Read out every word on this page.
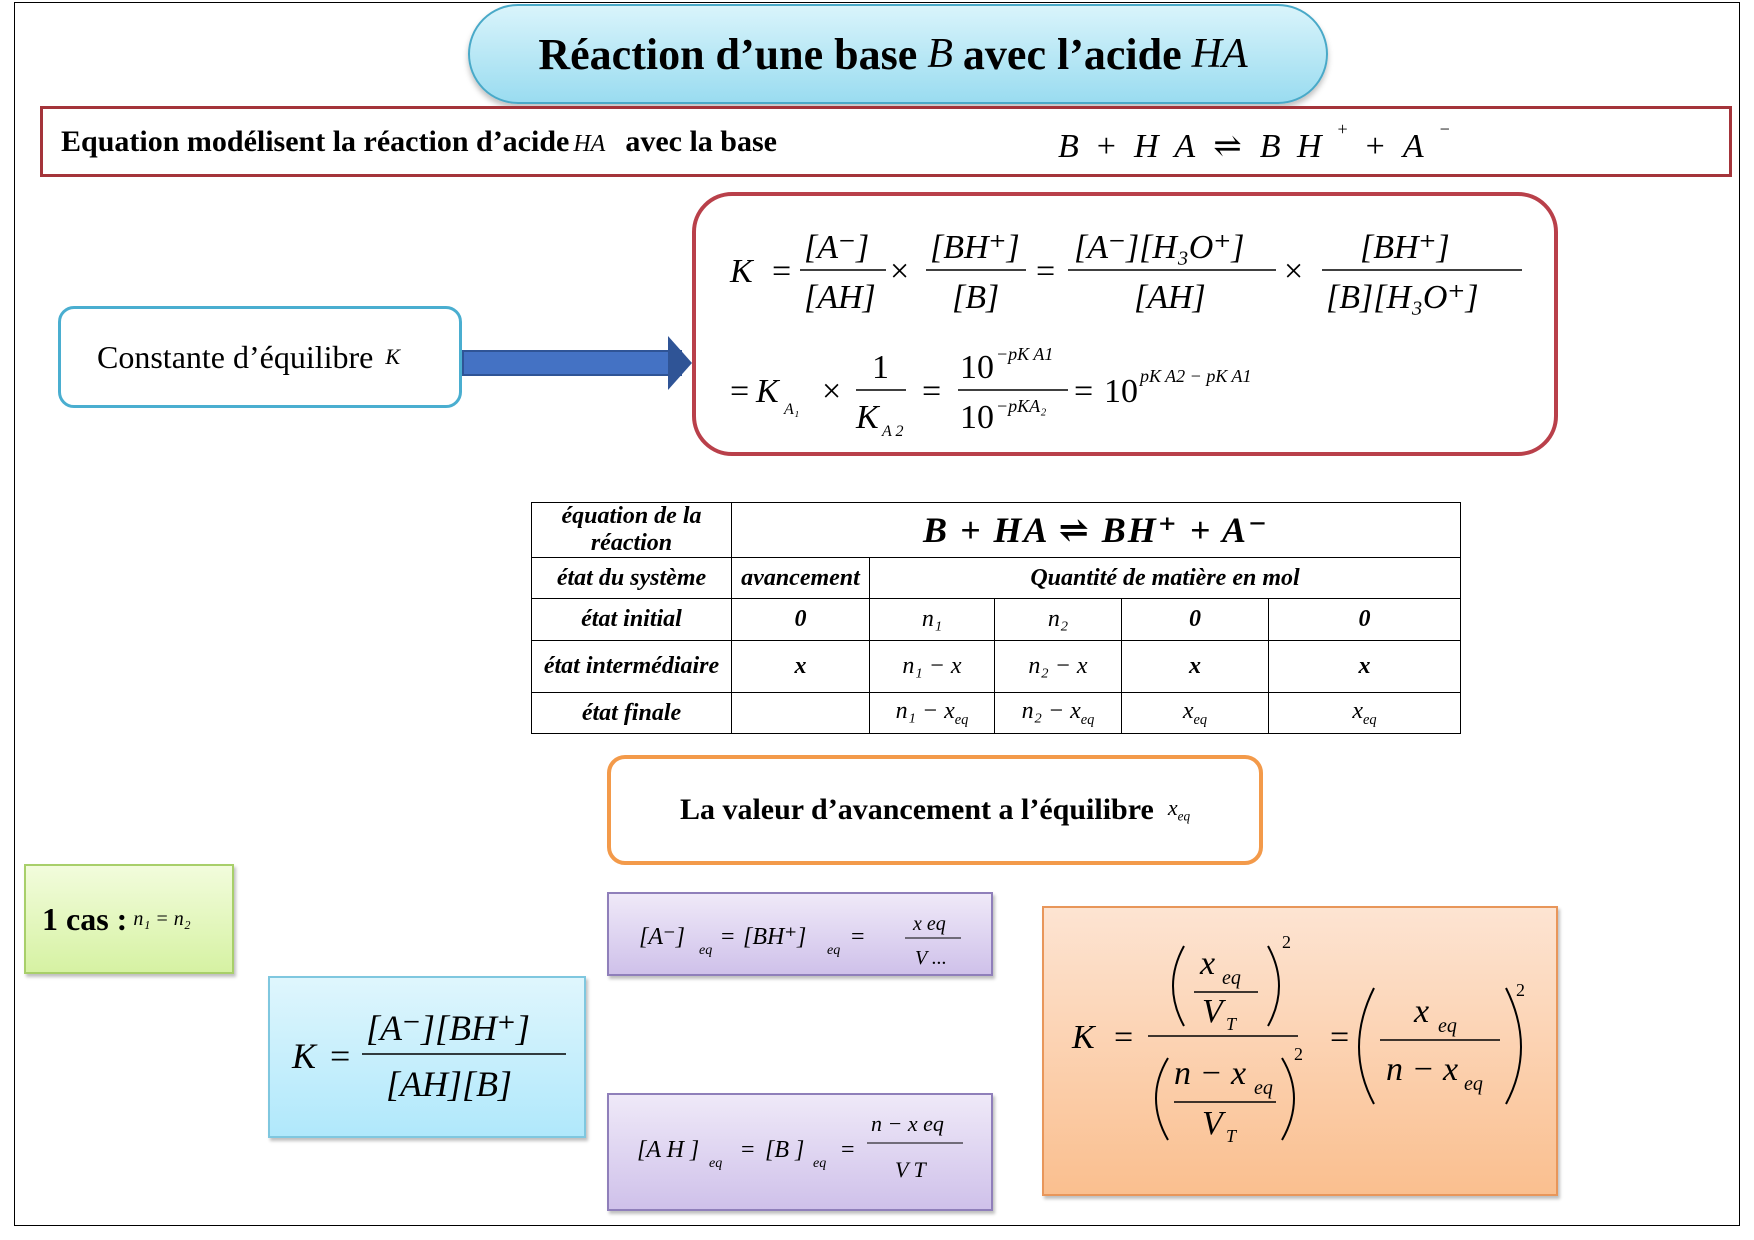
Réaction d’une base B avec l’acide HA
Equation modélisent la réaction d’acide HA avec la base	B + H A ⇌ B H + + A −
Constante d’équilibre K
K =
[A⁻]
[AH]
×
[BH⁺]
[B]
=
[A⁻][H₃O⁺]
[AH]
×
[BH⁺]
[B][H₃O⁺]
= K A₁ ×
1
K A 2
=
10 −pK A1
10 −pKA₂ = 10 pK A2 − pK A1
équation de la réaction	B + HA ⇌ BH⁺ + A⁻				
état du système	avancement	Quantité de matière en mol			
état initial	0	n₁	n₂	0	0
état intermédiaire	x	n₁ − x	n₂ − x	x	x
état finale		$n_1 - x_{eq}$	$n_2 - x_{eq}$	$x_{eq}$	$x_{eq}$
La valeur d’avancement a l’équilibre $x_{eq}$
1 cas : n₁ = n₂
K =
[A⁻][BH⁺]
[AH][B]
[A⁻]
eq
= [BH⁺]
eq
= x eq
V ...
[A H ]
eq
= [B ]
eq
=
n − x eq
V T
K =
x eq
V T
2
n − x eq
V T
2 =
x eq
n − x eq
2
